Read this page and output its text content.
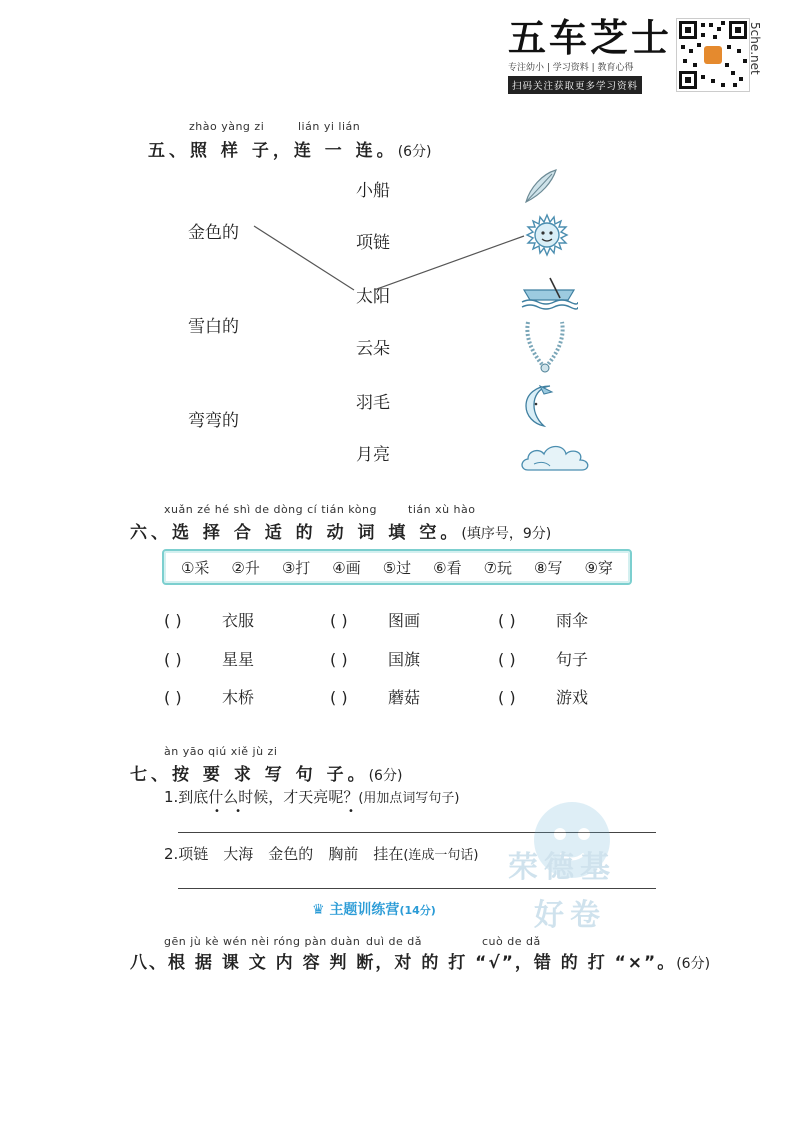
五车芝士
专注幼小 | 学习资料 | 教育心得
扫码关注获取更多学习资料
5che.net
zhào yàng zi	lián yi lián
五、照 样 子，连 一 连。(6分)
金色的
雪白的
弯弯的
小船
项链
太阳
云朵
羽毛
月亮
xuǎn zé hé shì de dòng cí tián kòng	tián xù hào
六、选 择 合 适 的 动 词 填 空。(填序号，9分)
①采 ②升 ③打 ④画 ⑤过 ⑥看 ⑦玩 ⑧写 ⑨穿
( )	衣服	( )	图画	( )	雨伞
( )	星星	( )	国旗	( )	句子
( )	木桥	( )	蘑菇	( )	游戏
àn yāo qiú xiě jù zi
七、按 要 求 写 句 子。(6分)
1.到底什么时候，才天亮呢？(用加点词写句子)
• •           •
2.项链　大海　金色的　胸前　挂在(连成一句话)
♛ 主题训练营(14分)
荣德基
好卷
gēn jù kè wén nèi róng pàn duàn duì de dǎ	cuò de dǎ
八、根 据 课 文 内 容 判 断，对 的 打 “√”，错 的 打 “×”。(6分)
